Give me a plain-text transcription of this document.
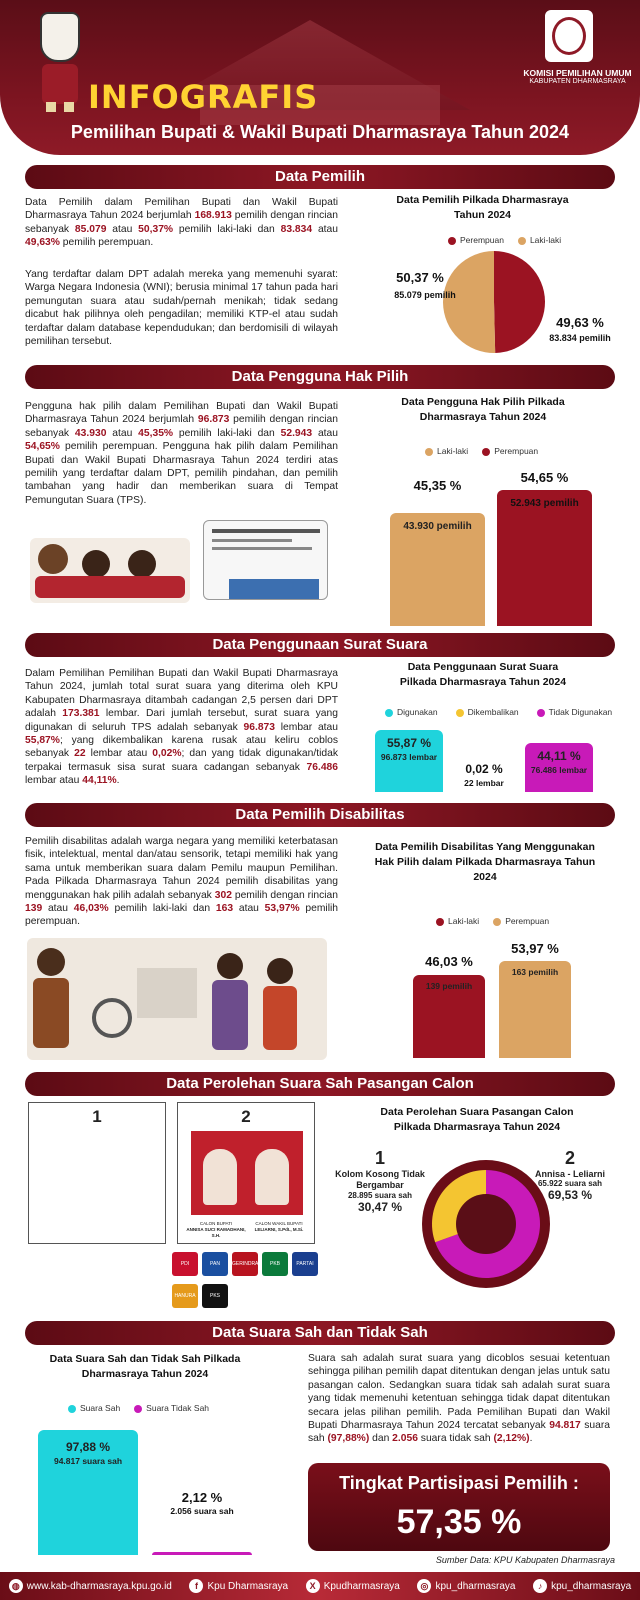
INFOGRAFIS
KOMISI PEMILIHAN UMUM
KABUPATEN DHARMASRAYA
Pemilihan Bupati & Wakil Bupati Dharmasraya Tahun 2024
Data Pemilih
Data Pemilih dalam Pemilihan Bupati dan Wakil Bupati Dharmasraya Tahun 2024 berjumlah 168.913 pemilih dengan rincian sebanyak 85.079 atau 50,37% pemilih laki-laki dan 83.834 atau 49,63% pemilih perempuan.
Yang terdaftar dalam DPT adalah mereka yang memenuhi syarat: Warga Negara Indonesia (WNI); berusia minimal 17 tahun pada hari pemungutan suara atau sudah/pernah menikah; tidak sedang dicabut hak pilihnya oleh pengadilan; memiliki KTP-el atau sudah terdaftar dalam database kependudukan; dan berdomisili di wilayah pemilihan tersebut.
Data Pemilih Pilkada Dharmasraya Tahun 2024
Perempuan	Laki-laki
50,37 %
85.079 pemilih
49,63 %
83.834 pemilih
Data Pengguna Hak Pilih
Pengguna hak pilih dalam Pemilihan Bupati dan Wakil Bupati Dharmasraya Tahun 2024 berjumlah 96.873 pemilih dengan rincian sebanyak 43.930 atau 45,35% pemilih laki-laki dan 52.943 atau 54,65% pemilih perempuan. Pengguna hak pilih dalam Pemilihan Bupati dan Wakil Bupati Dharmasraya Tahun 2024 terdiri atas pemilih yang terdaftar dalam DPT, pemilih pindahan, dan pemilih tambahan yang hadir dan memberikan suara di Tempat Pemungutan Suara (TPS).
Data Pengguna Hak Pilih Pilkada Dharmasraya Tahun 2024
Laki-laki	Perempuan
45,35 %
54,65 %
43.930 pemilih
52.943 pemilih
Data Penggunaan Surat Suara
Dalam Pemilihan Pemilihan Bupati dan Wakil Bupati Dharmasraya Tahun 2024, jumlah total surat suara yang diterima oleh KPU Kabupaten Dharmasraya ditambah cadangan 2,5 persen dari DPT adalah 173.381 lembar. Dari jumlah tersebut, surat suara yang digunakan di seluruh TPS adalah sebanyak 96.873 lembar atau 55,87%; yang dikembalikan karena rusak atau keliru coblos sebanyak 22 lembar atau 0,02%; dan yang tidak digunakan/tidak terpakai termasuk sisa surat suara cadangan sebanyak 76.486 lembar atau 44,11%.
Data Penggunaan Surat Suara Pilkada Dharmasraya Tahun 2024
Digunakan	Dikembalikan	Tidak Digunakan
55,87 %
96.873 lembar
0,02 %
22 lembar
44,11 %
76.486 lembar
Data Pemilih Disabilitas
Pemilih disabilitas adalah warga negara yang memiliki keterbatasan fisik, intelektual, mental dan/atau sensorik, tetapi memiliki hak yang sama untuk memberikan suara dalam Pemilu maupun Pemilihan. Pada Pilkada Dharmasraya Tahun 2024 pemilih disabilitas yang menggunakan hak pilih adalah sebanyak 302 pemilih dengan rincian 139 atau 46,03% pemilih laki-laki dan 163 atau 53,97% pemilih perempuan.
Data Pemilih Disabilitas Yang Menggunakan Hak Pilih dalam Pilkada Dharmasraya Tahun 2024
Laki-laki	Perempuan
46,03 %
53,97 %
139 pemilih
163 pemilih
Data Perolehan Suara Sah Pasangan Calon
1	2
CALON BUPATI
ANNISA SUCI RAMADHANI, S.H.
CALON WAKIL BUPATI
LELIARNI, S.PdI., M.Si.
PDI	PAN	GERINDRA	PKB	PARTAI DEMOKRAT
HANURA	PKS
Data Perolehan Suara Pasangan Calon Pilkada Dharmasraya Tahun 2024
1
Kolom Kosong Tidak Bergambar
28.895 suara sah
30,47 %
2
Annisa - Leliarni
65.922 suara sah
69,53 %
Data Suara Sah dan Tidak Sah
Data Suara Sah dan Tidak Sah Pilkada Dharmasraya Tahun 2024
Suara Sah	Suara Tidak Sah
97,88 %
94.817 suara sah
2,12 %
2.056 suara sah
Suara sah adalah surat suara yang dicoblos sesuai ketentuan sehingga pilihan pemilih dapat ditentukan dengan jelas untuk satu pasangan calon. Sedangkan suara tidak sah adalah surat suara yang tidak memenuhi ketentuan sehingga tidak dapat ditentukan secara jelas pilihan pemilih. Pada Pemilihan Bupati dan Wakil Bupati Dharmasraya Tahun 2024 tercatat sebanyak 94.817 suara sah (97,88%) dan 2.056 suara tidak sah (2,12%).
Tingkat Partisipasi Pemilih :
57,35 %
Sumber Data: KPU Kabupaten Dharmasraya
◍ www.kab-dharmasraya.kpu.go.id	f Kpu Dharmasraya	X Kpudharmasraya	◎ kpu_dharmasraya	♪ kpu_dharmasraya
